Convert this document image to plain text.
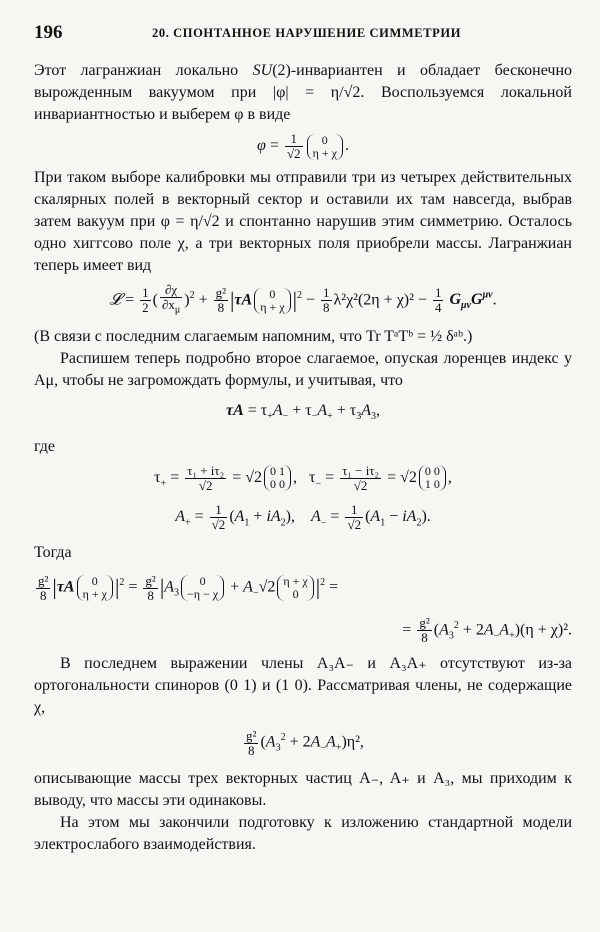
196	20. СПОНТАННОЕ НАРУШЕНИЕ СИММЕТРИИ

Этот лагранжиан локально SU(2)-инвариантен и обладает бесконечно вырожденным вакуумом при |φ| = η/√2. Воспользуемся локальной инвариантностью и выберем φ в виде

$\varphi = \frac{1}{√2}$	0
η + χ .

При таком выборе калибровки мы отправили три из четырех действительных скалярных полей в векторный сектор и оставили их там навсегда, выбрав затем вакуум при φ = η/√2 и спонтанно нарушив этим симметрию. Осталось одно хиггсово поле χ, а три векторных поля приобрели массы. Лагранжиан теперь имеет вид

𝓛 = $\frac{1}{2}$ ( $\frac{\partial\chi}{\partial x_\mu} )^2 + \frac{\text{g²}}{8} |\tau A$	0
η + χ $|^2 - \frac{1}{8} \lambda^2\chi^2(2\eta + \chi)^2 - \frac{1}{4} G_{\mu\nu}G^{\mu\nu}$.

(В связи с последним слагаемым напомним, что Tr TᵃTᵇ = ½ δᵃᵇ.)

Распишем теперь подробно второе слагаемое, опуская лоренцев индекс у Aμ, чтобы не загромождать формулы, и учитывая, что

$\tau A = \tau_+A_- + \tau_-A_+ + \tau_3A_3$,
где
$\tau_+ = \frac{\text{τ₁ + iτ₂}}{√2} = √2$ 0 1
0 0 ,   $\tau_- = \frac{\text{τ₁ − iτ₂}}{√2} = √2$ 0 0
1 0 ,
$A_+ = \frac{1}{√2} (A_1 + iA_2)$,    $A_- = \frac{1}{√2} (A_1 - iA_2)$.
Тогда
$\frac{\text{g²}}{8} |\tau A$	0
η + χ $|^2 = \frac{\text{g²}}{8} |A_3$
0
$-\eta - \chi + A_-√2$ η + χ
0 $|^2$ =
= $\frac{\text{g²}}{8} (A_3^2 + 2A_-A_+)(\eta + \chi)^2$.

В последнем выражении члены A₃A₋ и A₃A₊ отсутствуют из-за ортогональности спиноров (0 1) и (1 0). Рассматривая члены, не содержащие χ,

$\frac{\text{g²}}{8} (A_3^2 + 2A_-A_+)\eta^2$,

описывающие массы трех векторных частиц A₋, A₊ и A₃, мы приходим к выводу, что массы эти одинаковы.

На этом мы закончили подготовку к изложению стандартной модели электрослабого взаимодействия.
